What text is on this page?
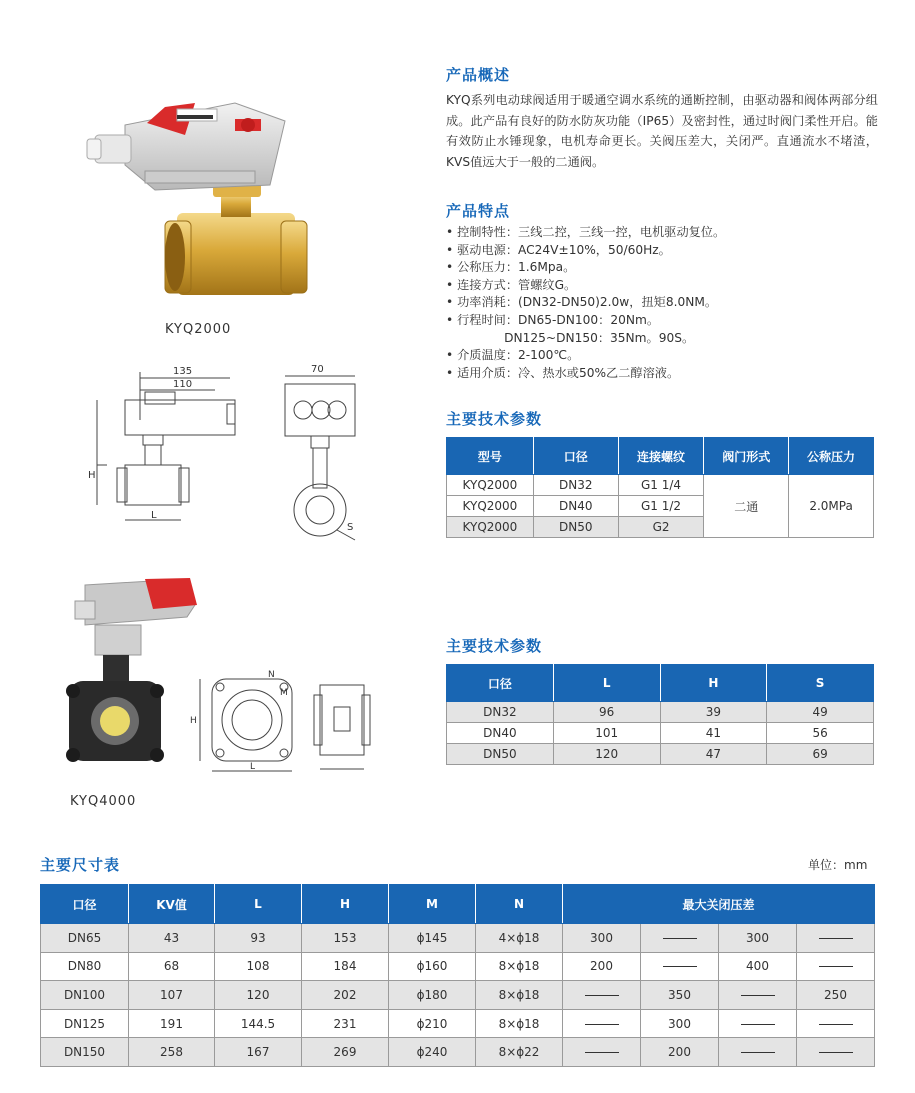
KYQ2000
135
110
H
L
70
S
KYQ4000
H
L
N
M
产品概述
KYQ系列电动球阀适用于暖通空调水系统的通断控制，由驱动器和阀体两部分组成。此产品有良好的防水防灰功能（IP65）及密封性，通过时阀门柔性开启。能有效防止水锤现象，电机寿命更长。关阀压差大，关闭严。直通流水不堵渣，KVS值远大于一般的二通阀。
产品特点
• 控制特性：三线二控，三线一控，电机驱动复位。
• 驱动电源：AC24V±10%，50/60Hz。
• 公称压力：1.6Mpa。
• 连接方式：管螺纹G。
• 功率消耗：(DN32-DN50)2.0w，扭矩8.0NM。
• 行程时间：DN65-DN100：20Nm。
DN125~DN150：35Nm。90S。
• 介质温度：2-100℃。
• 适用介质：冷、热水或50%乙二醇溶液。
主要技术参数
型号	口径	连接螺纹	阀门形式	公称压力
KYQ2000	DN32	G1 1/4	二通	2.0MPa
KYQ2000	DN40	G1 1/2		
KYQ2000	DN50	G2		
主要技术参数
口径	L	H	S
DN32	96	39	49
DN40	101	41	56
DN50	120	47	69
主要尺寸表	单位：mm
口径	KV值	L	H	M	N	最大关闭压差			
DN65	43	93	153	ϕ145	4×ϕ18	300		300	
DN80	68	108	184	ϕ160	8×ϕ18	200		400	
DN100	107	120	202	ϕ180	8×ϕ18		350		250
DN125	191	144.5	231	ϕ210	8×ϕ18		300		
DN150	258	167	269	ϕ240	8×ϕ22		200		
